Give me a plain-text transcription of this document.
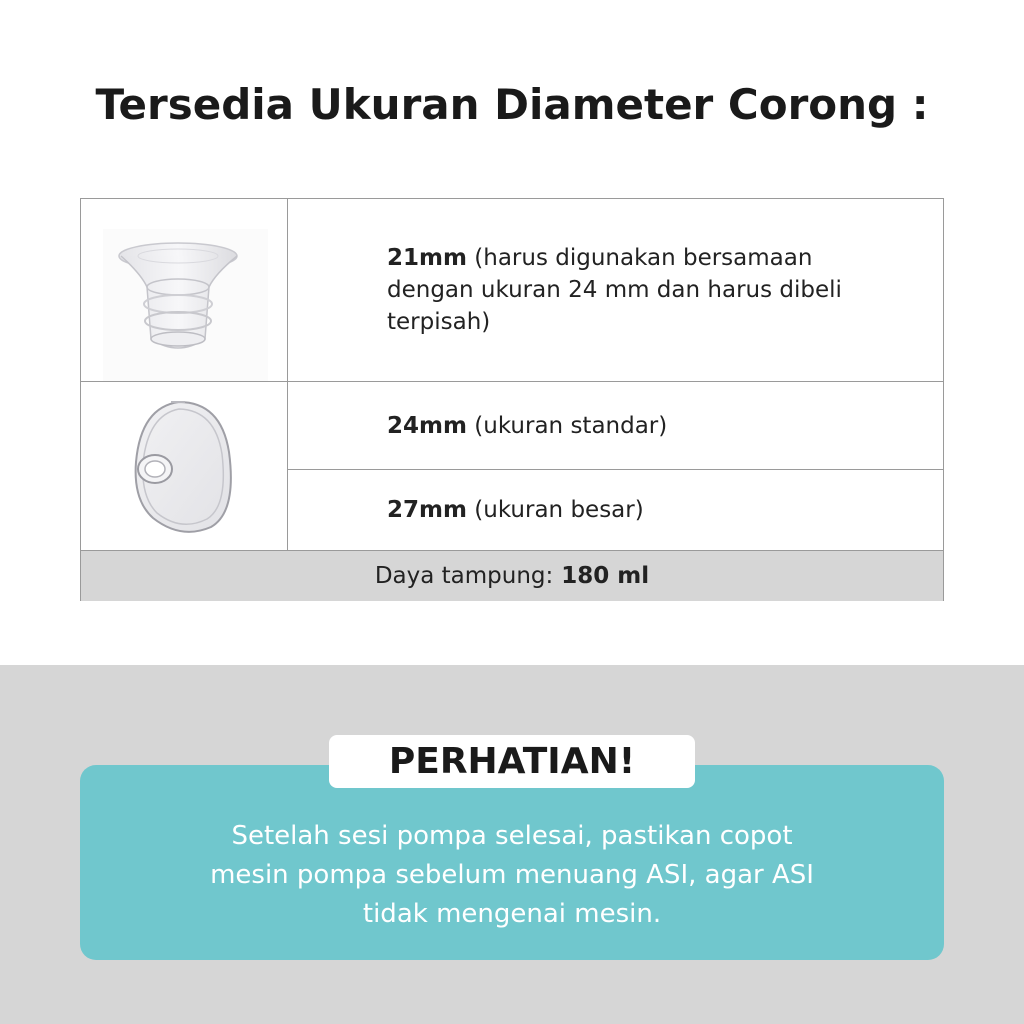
Tersedia Ukuran Diameter Corong :

21mm (harus digunakan bersamaan dengan ukuran 24 mm dan harus dibeli terpisah)

24mm (ukuran standar)

27mm (ukuran besar)

Daya tampung: 180 ml

Setelah sesi pompa selesai, pastikan copot mesin pompa sebelum menuang ASI, agar ASI tidak mengenai mesin.

PERHATIAN!
